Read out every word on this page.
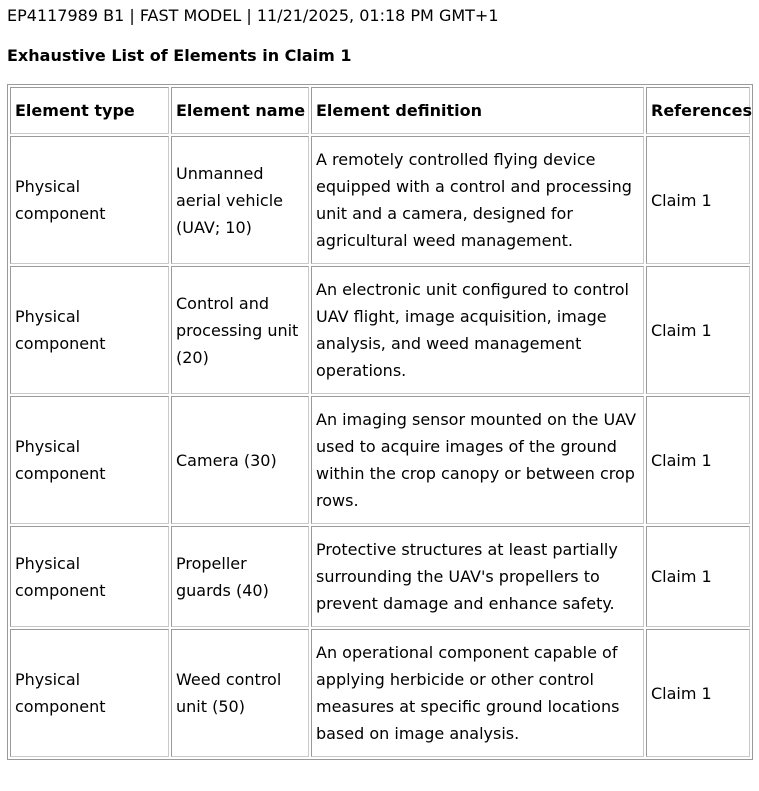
EP4117989 B1 | FAST MODEL | 11/21/2025, 01:18 PM GMT+1
Exhaustive List of Elements in Claim 1
Element type	Element name	Element definition	References
Physical component	Unmanned aerial vehicle (UAV; 10)	A remotely controlled flying device equipped with a control and processing unit and a camera, designed for agricultural weed management.	Claim 1
Physical component	Control and processing unit (20)	An electronic unit configured to control UAV flight, image acquisition, image analysis, and weed management operations.	Claim 1
Physical component	Camera (30)	An imaging sensor mounted on the UAV used to acquire images of the ground within the crop canopy or between crop rows.	Claim 1
Physical component	Propeller guards (40)	Protective structures at least partially surrounding the UAV's propellers to prevent damage and enhance safety.	Claim 1
Physical component	Weed control unit (50)	An operational component capable of applying herbicide or other control measures at specific ground locations based on image analysis.	Claim 1
